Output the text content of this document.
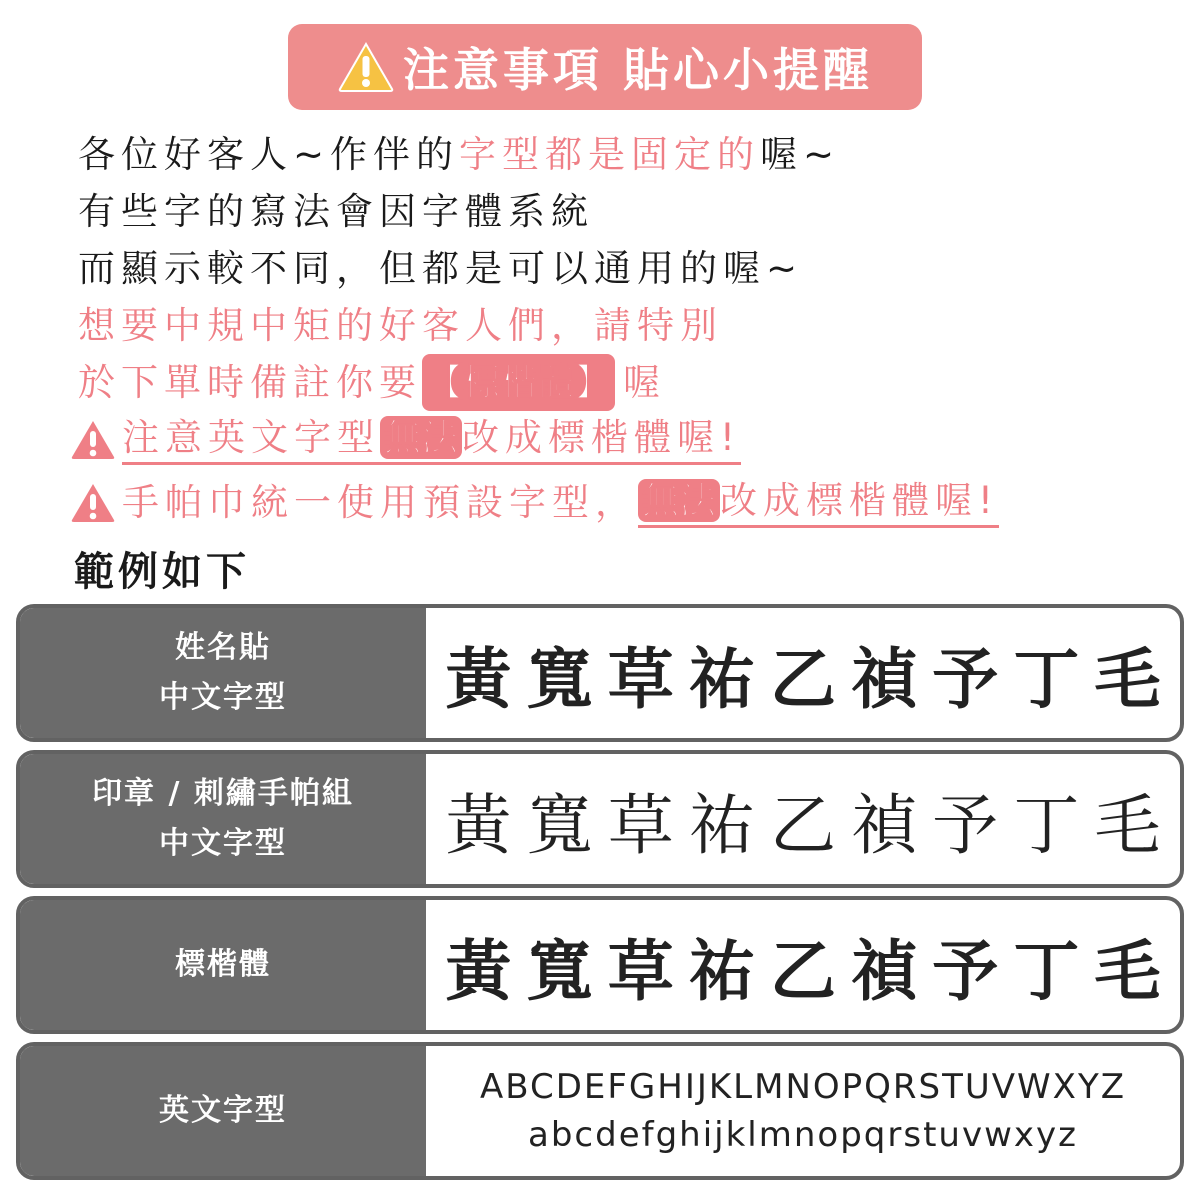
注意事項 貼心小提醒
各位好客人~作伴的 字型都是固定的 喔~
有些字的寫法會因字體系統
而顯示較不同，但都是可以通用的喔~
想要中規中矩的好客人們，請特別
於下單時備註你要 【標楷體】 喔
注意英文字型 無法 改成標楷體喔!
手帕巾統一使用預設字型， 無法 改成標楷體喔!
範例如下
姓名貼
中文字型 黃 寬 草 祐 乙 禎 予 丁 毛
印章 / 刺繡手帕組
中文字型 黃 寬 草 祐 乙 禎 予 丁 毛
標楷體	黃 寬 草 祐 乙 禎 予 丁 毛
英文字型
ABCDEFGHIJKLMNOPQRSTUVWXYZ
abcdefghijklmnopqrstuvwxyz
